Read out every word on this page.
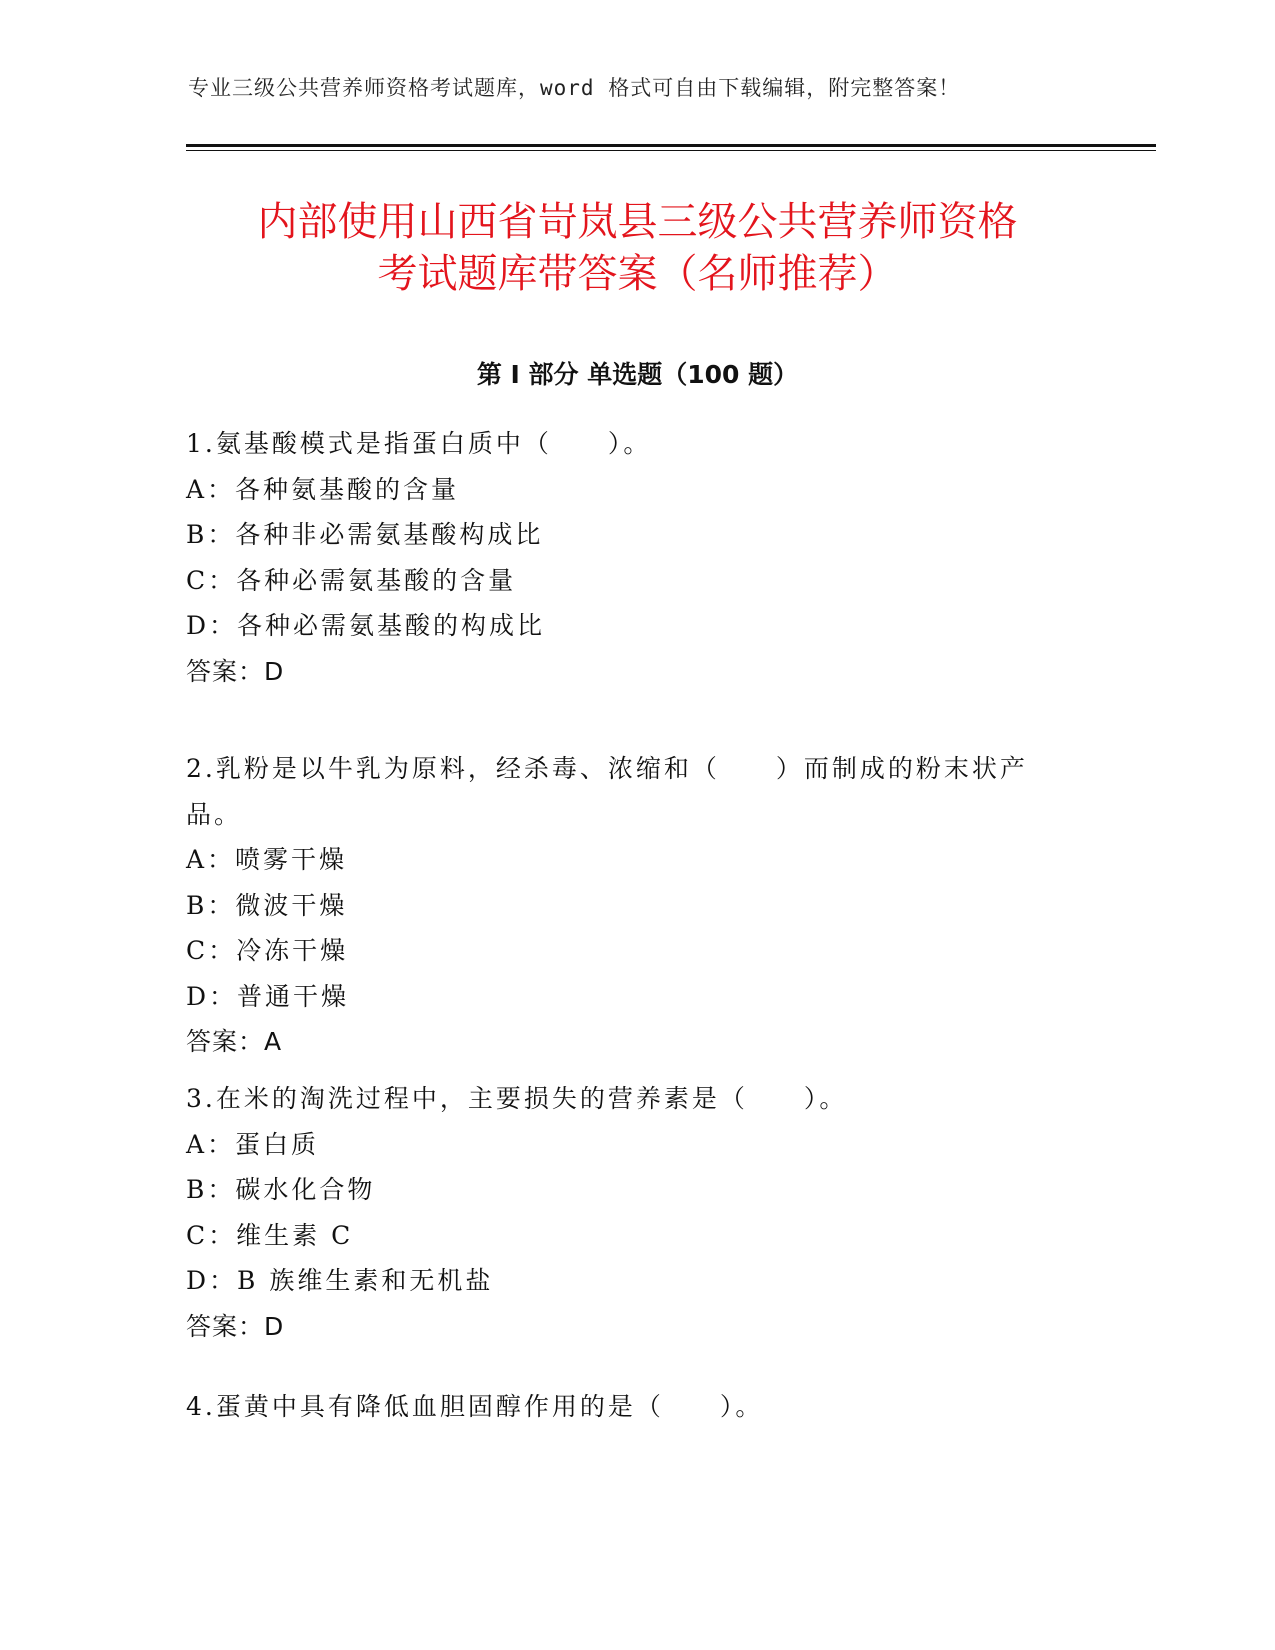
专业三级公共营养师资格考试题库，word 格式可自由下载编辑，附完整答案！
内部使用山西省岢岚县三级公共营养师资格
考试题库带答案（名师推荐）
第 I 部分 单选题（100 题）
1.氨基酸模式是指蛋白质中（　　）。
A：各种氨基酸的含量
B：各种非必需氨基酸构成比
C：各种必需氨基酸的含量
D：各种必需氨基酸的构成比
答案：D
2.乳粉是以牛乳为原料，经杀毒、浓缩和（　　）而制成的粉末状产品。
A：喷雾干燥
B：微波干燥
C：冷冻干燥
D：普通干燥
答案：A
3.在米的淘洗过程中，主要损失的营养素是（　　）。
A：蛋白质
B：碳水化合物
C：维生素 C
D：B 族维生素和无机盐
答案：D
4.蛋黄中具有降低血胆固醇作用的是（　　）。
